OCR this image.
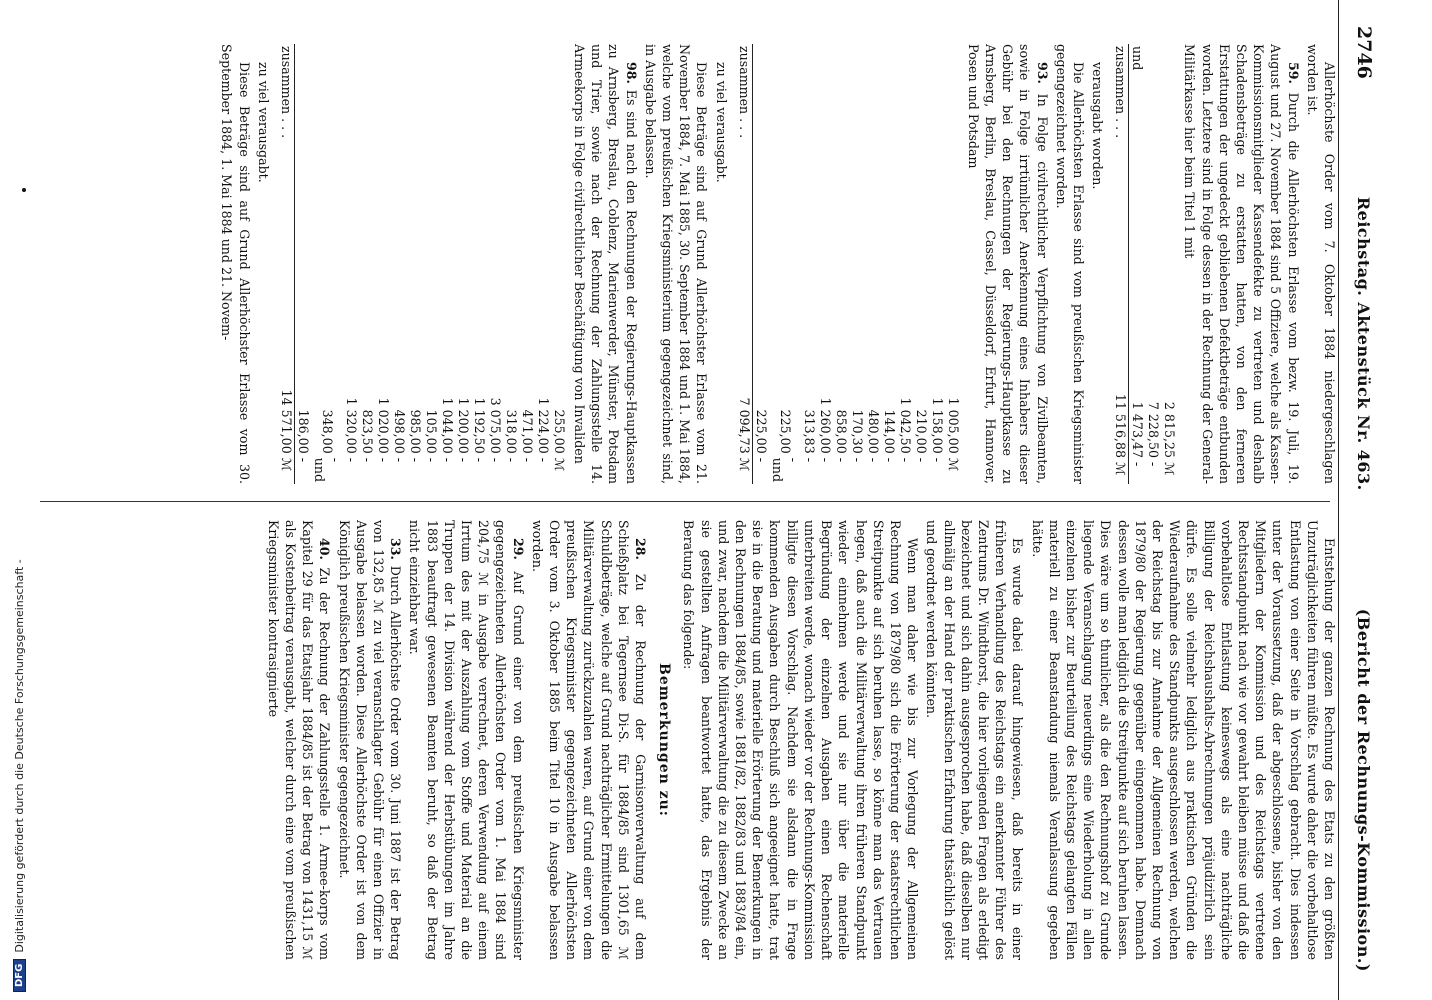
Entstehung der ganzen Rechnung des Etats zu den größten Unzuträglichkeiten führen müßte. Es wurde daher die vorbehaltlose Entlastung von einer Seite in Vorschlag gebracht. Dies indessen unter der Voraussetzung, daß der abgeschlossene, bisher von den Mitgliedern der Kommission und des Reichstags vertretene Rechtsstandpunkt nach wie vor gewahrt bleiben müsse und daß die vorbehaltlose Entlastung keineswegs als eine nachträgliche Billigung der Reichshaushalts-Abrechnungen präjudizirlich sein dürfe. Es solle vielmehr lediglich aus praktischen Gründen die Wiederaufnahme des Standpunkts ausgeschlossen werden, welchen der Reichstag bis zur Annahme der Allgemeinen Rechnung von 1879/80 der Regierung gegenüber eingenommen habe. Demnach dessen wolle man lediglich die Streitpunkte auf sich beruhen lassen. Dies wäre um so thunlicher, als die den Rechnungshof zu Grunde liegende Veranschlagung neuerdings eine Wiederholung in allen einzelnen bisher zur Beurteilung des Reichstags gelangten Fällen materiell zu einer Beanstandung niemals Veranlassung gegeben hätte.

Es wurde dabei darauf hingewiesen, daß bereits in einer früheren Verhandlung des Reichstags ein anerkannter Führer des Zentrums Dr. Windthorst, die hier vorliegenden Fragen als erledigt bezeichnet und sich dahin ausgesprochen habe, daß dieselben nur allmälig an der Hand der praktischen Erfahrung thatsächlich gelöst und geordnet werden könnten.

Wenn man daher wie bis zur Vorlegung der Allgemeinen Rechnung von 1879/80 sich die Erörterung der staatsrechtlichen Streitpunkte auf sich beruhen lasse, so könne man das Vertrauen hegen, daß auch die Militärverwaltung ihren früheren Standpunkt wieder einnehmen werde und sie nur über die materielle Begründung der einzelnen Ausgaben einen Rechenschaft unterbreiten werde, wonach wieder vor der Rechnungs-Kommission billigte diesen Vorschlag. Nachdem sie alsdann die in Frage kommenden Ausgaben durch Beschluß sich angeeignet hatte, trat sie in die Beratung und materielle Erörterung der Bemerkungen in den Rechnungen 1884/85, sowie 1881/82, 1882/83 und 1883/84 ein, und zwar, nachdem die Militärverwaltung die zu diesem Zwecke an sie gestellten Anfragen beantwortet hatte, das Ergebnis der Beratung das folgende:

Bemerkungen zu:

28. Zu der Rechnung der Garnisonverwaltung auf dem Schießplatz bei Tegernsee Di-S. für 1884/85 sind 1301,65 ℳ Schuldbeträge, welche auf Grund nachträglicher Ermittelungen die Militärverwaltung zurückzuzahlen waren, auf Grund einer von dem preußischen Kriegsminister gegengezeichneten Allerhöchsten Order vom 3. Oktober 1885 beim Titel 10 in Ausgabe belassen worden.

29. Auf Grund einer von dem preußischen Kriegsminister gegengezeichneten Allerhöchsten Order vom 1. Mai 1884 sind 204,75 ℳ in Ausgabe verrechnet, deren Verwendung auf einem Irrtum des mit der Auszahlung vom Stoffe und Material an die Truppen der 14. Division während der Herbstübungen im Jahre 1883 beauftragt gewesenen Beamten beruht, so daß der Betrag nicht einziehbar war.

33. Durch Allerhöchste Order vom 30. Juni 1887 ist der Betrag von 132,85 ℳ zu viel veranschlagter Gebühr für einen Offizier in Ausgabe belassen worden. Diese Allerhöchste Order ist von dem Königlich preußischen Kriegsminister gegengezeichnet.

40. Zu der Rechnung der Zahlungsstelle 1. Armee-korps vom Kapitel 29 für das Etatsjahr 1884/85 ist der Betrag von 1431,15 ℳ als Kostenbeitrag verausgabt, welcher durch eine vom preußischen Kriegsminister kontrasignierte

Allerhöchste Order vom 7. Oktober 1884 niedergeschlagen worden ist.

59. Durch die Allerhöchsten Erlasse vom bezw. 19. Juli, 19. August und 27. November 1884 sind 5 Offiziere, welche als Kassen-Kommissionsmitglieder Kassendefekte zu vertreten und deshalb Schadensbeträge zu erstatten hatten, von den ferneren Erstattungen der ungedeckt gebliebenen Defektbeträge entbunden worden. Letztere sind in Folge dessen in der Rechnung der General-Militärkasse hier beim Titel 1 mit

	2 815,25	ℳ
	7 228,50	-
und	1 473,47	-
zusammen . . .	11 516,88	ℳ

verausgabt worden.

Die Allerhöchsten Erlasse sind vom preußischen Kriegsminister gegengezeichnet worden.

93. In Folge civilrechtlicher Verpflichtung von Zivilbeamten, sowie in Folge irrtümlicher Anerkennung eines Inhabers dieser Gebühr bei den Rechnungen der Regierungs-Hauptkasse zu Arnsberg, Berlin, Breslau, Cassel, Düsseldorf, Erfurt, Hannover, Posen und Potsdam

	1 005,00	ℳ
	1 158,00	-
	210,00	-
	1 042,50	-
	144,00	-
	480,00	-
	170,30	-
	858,00	-
	1 260,00	-
	313,83	-
	225,00	- und
	225,00	-
zusammen . . .	7 094,73	ℳ

zu viel verausgabt.

Diese Beträge sind auf Grund Allerhöchster Erlasse vom 21. November 1884, 7. Mai 1885, 30. September 1884 und 1. Mai 1884, welche vom preußischen Kriegsministerium gegengezeichnet sind, in Ausgabe belassen.

98. Es sind nach den Rechnungen der Regierungs-Hauptkassen zu Arnsberg, Breslau, Coblenz, Marienwerder, Münster, Potsdam und Trier, sowie nach der Rechnung der Zahlungsstelle 14. Armeekorps in Folge civilrechtlicher Beschäftigung von Invaliden

	255,00	ℳ
	1 224,00	-
	471,00	-
	318,00	-
	3 075,00	-
	1 192,50	-
	1 200,00	-
	1 044,00	-
	105,00	-
	985,00	-
	498,00	-
	1 020,00	-
	823,50	-
	1 320,00	-
	348,00	- und
	186,00	-
zusammen . . .	14 571,00	ℳ

zu viel verausgabt.

Diese Beträge sind auf Grund Allerhöchster Erlasse vom 30. September 1884, 1. Mai 1884 und 21. Novem-	2746
Reichstag. Aktenstück Nr. 463.
(Bericht der Rechnungs-Kommission.)
DFG
Digitalisierung gefördert durch die Deutsche Forschungsgemeinschaft -
